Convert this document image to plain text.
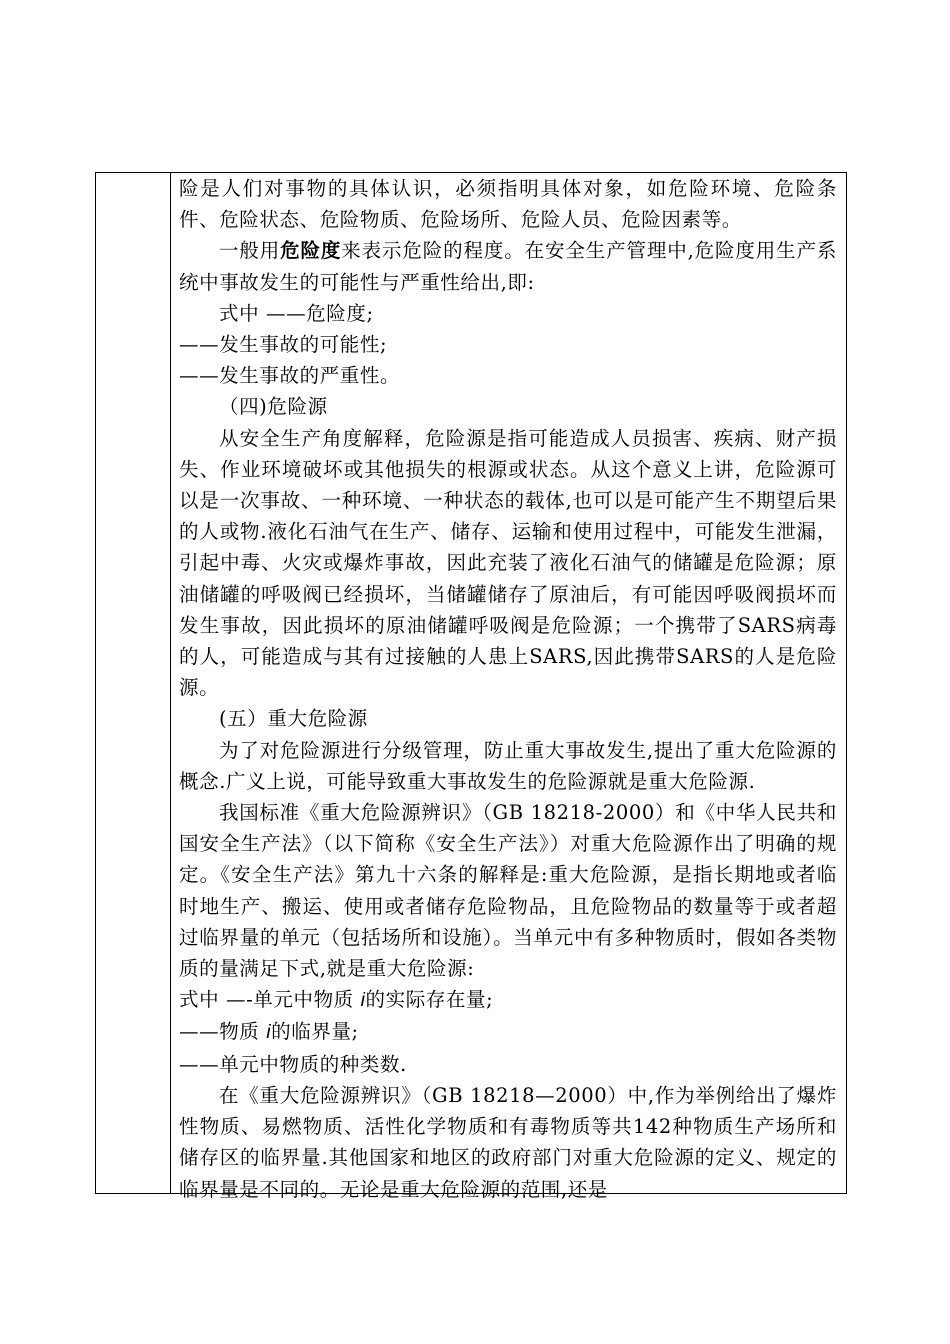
险是人们对事物的具体认识，必须指明具体对象，如危险环境、危险条件、危险状态、危险物质、危险场所、危险人员、危险因素等。

一般用危险度来表示危险的程度。在安全生产管理中,危险度用生产系统中事故发生的可能性与严重性给出,即:

式中 ——危险度;

——发生事故的可能性;

——发生事故的严重性。

（四)危险源

从安全生产角度解释，危险源是指可能造成人员损害、疾病、财产损失、作业环境破坏或其他损失的根源或状态。从这个意义上讲，危险源可以是一次事故、一种环境、一种状态的载体,也可以是可能产生不期望后果的人或物.液化石油气在生产、储存、运输和使用过程中，可能发生泄漏，引起中毒、火灾或爆炸事故，因此充装了液化石油气的储罐是危险源；原油储罐的呼吸阀已经损坏，当储罐储存了原油后，有可能因呼吸阀损坏而发生事故，因此损坏的原油储罐呼吸阀是危险源；一个携带了SARS病毒的人，可能造成与其有过接触的人患上SARS,因此携带SARS的人是危险源。

(五）重大危险源

为了对危险源进行分级管理，防止重大事故发生,提出了重大危险源的概念.广义上说，可能导致重大事故发生的危险源就是重大危险源.

我国标准《重大危险源辨识》（GB 18218-2000）和《中华人民共和国安全生产法》（以下简称《安全生产法》）对重大危险源作出了明确的规定。《安全生产法》第九十六条的解释是:重大危险源，是指长期地或者临时地生产、搬运、使用或者储存危险物品，且危险物品的数量等于或者超过临界量的单元（包括场所和设施）。当单元中有多种物质时，假如各类物质的量满足下式,就是重大危险源:

式中 —-单元中物质 i的实际存在量;

——物质 i的临界量;

——单元中物质的种类数.

在《重大危险源辨识》（GB 18218—2000）中,作为举例给出了爆炸性物质、易燃物质、活性化学物质和有毒物质等共142种物质生产场所和储存区的临界量.其他国家和地区的政府部门对重大危险源的定义、规定的临界量是不同的。无论是重大危险源的范围,还是
